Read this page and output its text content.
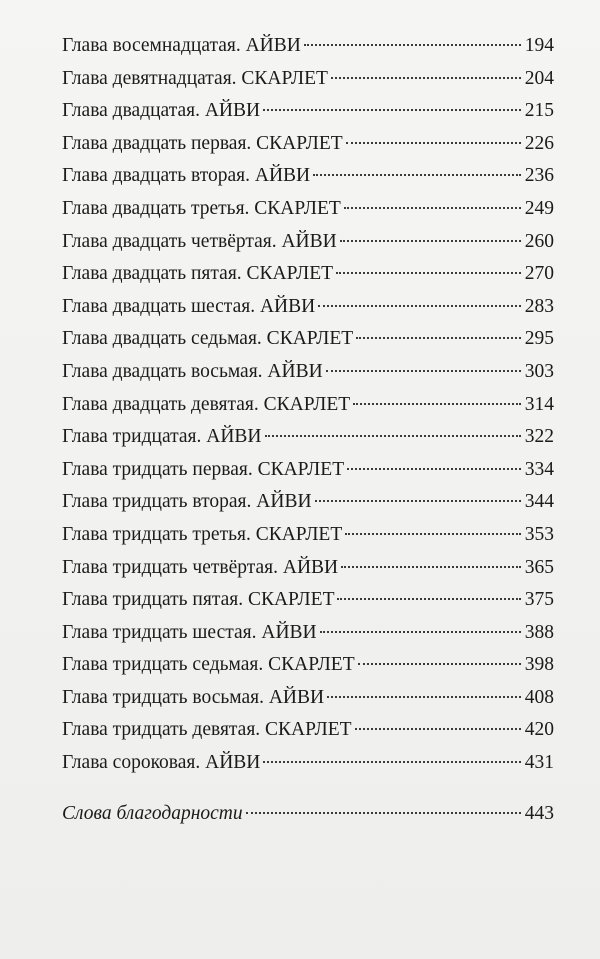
Глава восемнадцатая. АЙВИ	194
Глава девятнадцатая. СКАРЛЕТ	204
Глава двадцатая. АЙВИ	215
Глава двадцать первая. СКАРЛЕТ	226
Глава двадцать вторая. АЙВИ	236
Глава двадцать третья. СКАРЛЕТ	249
Глава двадцать четвёртая. АЙВИ	260
Глава двадцать пятая. СКАРЛЕТ	270
Глава двадцать шестая. АЙВИ	283
Глава двадцать седьмая. СКАРЛЕТ	295
Глава двадцать восьмая. АЙВИ	303
Глава двадцать девятая. СКАРЛЕТ	314
Глава тридцатая. АЙВИ	322
Глава тридцать первая. СКАРЛЕТ	334
Глава тридцать вторая. АЙВИ	344
Глава тридцать третья. СКАРЛЕТ	353
Глава тридцать четвёртая. АЙВИ	365
Глава тридцать пятая. СКАРЛЕТ	375
Глава тридцать шестая. АЙВИ	388
Глава тридцать седьмая. СКАРЛЕТ	398
Глава тридцать восьмая. АЙВИ	408
Глава тридцать девятая. СКАРЛЕТ	420
Глава сороковая. АЙВИ	431
Слова благодарности	443
